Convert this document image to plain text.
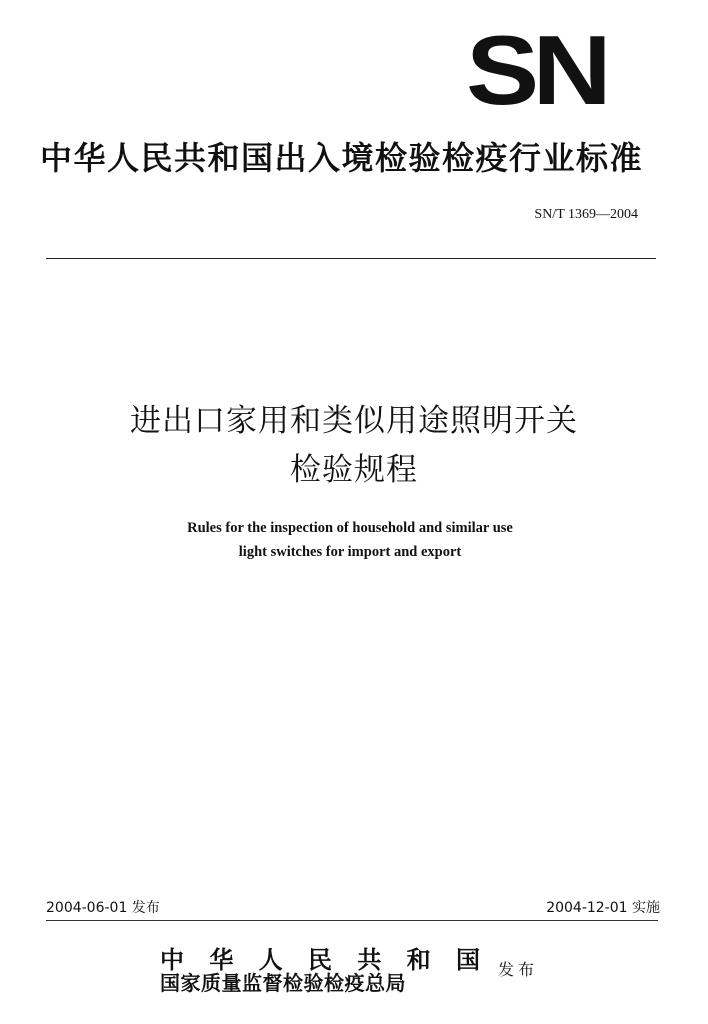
SN
中华人民共和国出入境检验检疫行业标准
SN/T 1369—2004
进出口家用和类似用途照明开关
检验规程
Rules for the inspection of household and similar use
light switches for import and export
2004-06-01 发布	2004-12-01 实施
中 华 人 民 共 和 国
国家质量监督检验检疫总局
发布
